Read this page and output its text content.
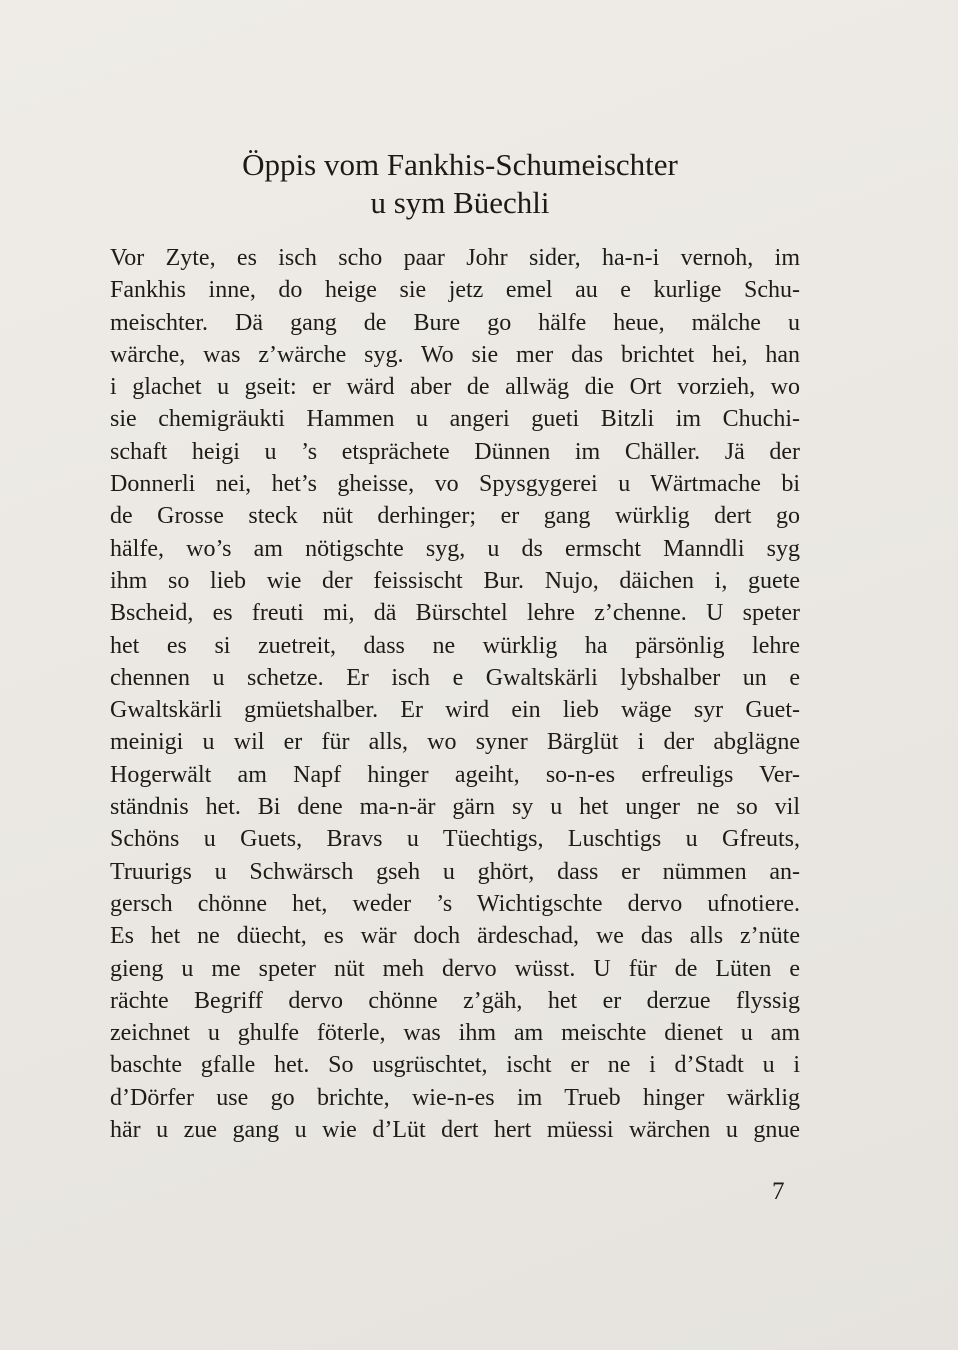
Öppis vom Fankhis-Schumeischter
u sym Büechli
Vor Zyte, es isch scho paar Johr sider, ha-n-i vernoh, im
Fankhis inne, do heige sie jetz emel au e kurlige Schu-
meischter. Dä gang de Bure go hälfe heue, mälche u
wärche, was z’wärche syg. Wo sie mer das brichtet hei, han
i glachet u gseit: er wärd aber de allwäg die Ort vorzieh, wo
sie chemigräukti Hammen u angeri gueti Bitzli im Chuchi-
schaft heigi u ’s etsprächete Dünnen im Chäller. Jä der
Donnerli nei, het’s gheisse, vo Spysgygerei u Wärtmache bi
de Grosse steck nüt derhinger; er gang würklig dert go
hälfe, wo’s am nötigschte syg, u ds ermscht Manndli syg
ihm so lieb wie der feissischt Bur. Nujo, däichen i, guete
Bscheid, es freuti mi, dä Bürschtel lehre z’chenne. U speter
het es si zuetreit, dass ne würklig ha pärsönlig lehre
chennen u schetze. Er isch e Gwaltskärli lybshalber un e
Gwaltskärli gmüetshalber. Er wird ein lieb wäge syr Guet-
meinigi u wil er für alls, wo syner Bärglüt i der abglägne
Hogerwält am Napf hinger ageiht, so-n-es erfreuligs Ver-
ständnis het. Bi dene ma-n-är gärn sy u het unger ne so vil
Schöns u Guets, Bravs u Tüechtigs, Luschtigs u Gfreuts,
Truurigs u Schwärsch gseh u ghört, dass er nümmen an-
gersch chönne het, weder ’s Wichtigschte dervo ufnotiere.
Es het ne düecht, es wär doch ärdeschad, we das alls z’nüte
gieng u me speter nüt meh dervo wüsst. U für de Lüten e
rächte Begriff dervo chönne z’gäh, het er derzue flyssig
zeichnet u ghulfe föterle, was ihm am meischte dienet u am
baschte gfalle het. So usgrüschtet, ischt er ne i d’Stadt u i
d’Dörfer use go brichte, wie-n-es im Trueb hinger wärklig
här u zue gang u wie d’Lüt dert hert müessi wärchen u gnue
7
